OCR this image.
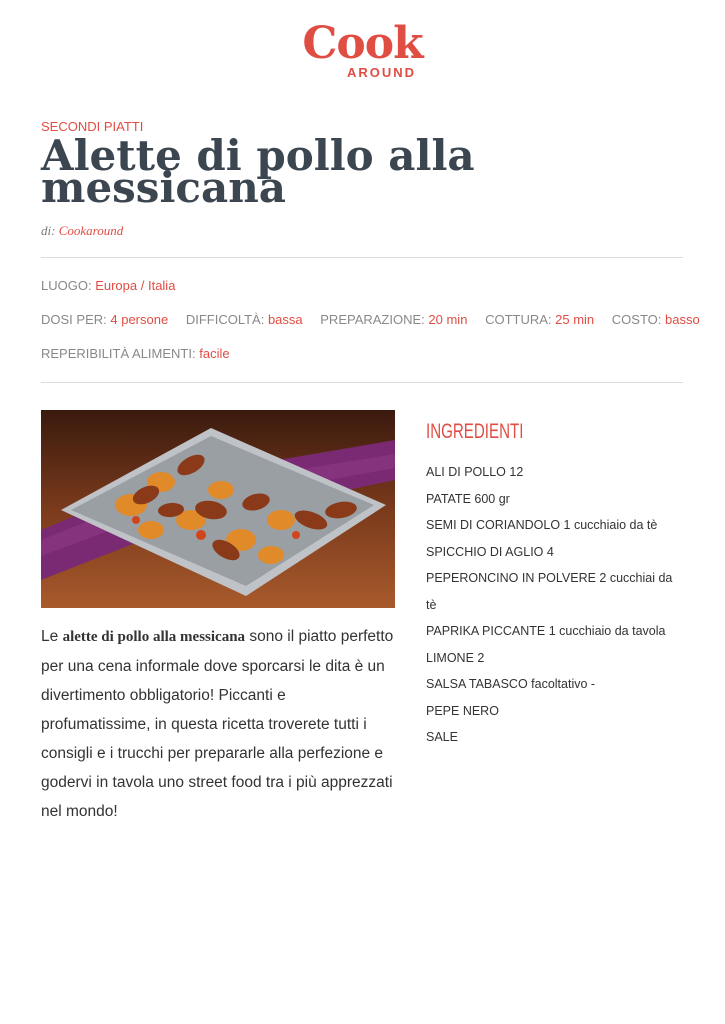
Cook
AROUND
SECONDI PIATTI
Alette di pollo alla messicana
di: Cookaround
LUOGO: Europa / Italia
DOSI PER: 4 persone DIFFICOLTÀ: bassa PREPARAZIONE: 20 min COTTURA: 25 min COSTO: basso
REPERIBILITÀ ALIMENTI: facile
Le alette di pollo alla messicana sono il piatto perfetto per una cena informale dove sporcarsi le dita è un divertimento obbligatorio! Piccanti e profumatissime, in questa ricetta troverete tutti i consigli e i trucchi per prepararle alla perfezione e godervi in tavola uno street food tra i più apprezzati nel mondo!
INGREDIENTI
ALI DI POLLO 12
PATATE 600 gr
SEMI DI CORIANDOLO 1 cucchiaio da tè
SPICCHIO DI AGLIO 4
PEPERONCINO IN POLVERE 2 cucchiai da tè
PAPRIKA PICCANTE 1 cucchiaio da tavola
LIMONE 2
SALSA TABASCO facoltativo -
PEPE NERO
SALE
